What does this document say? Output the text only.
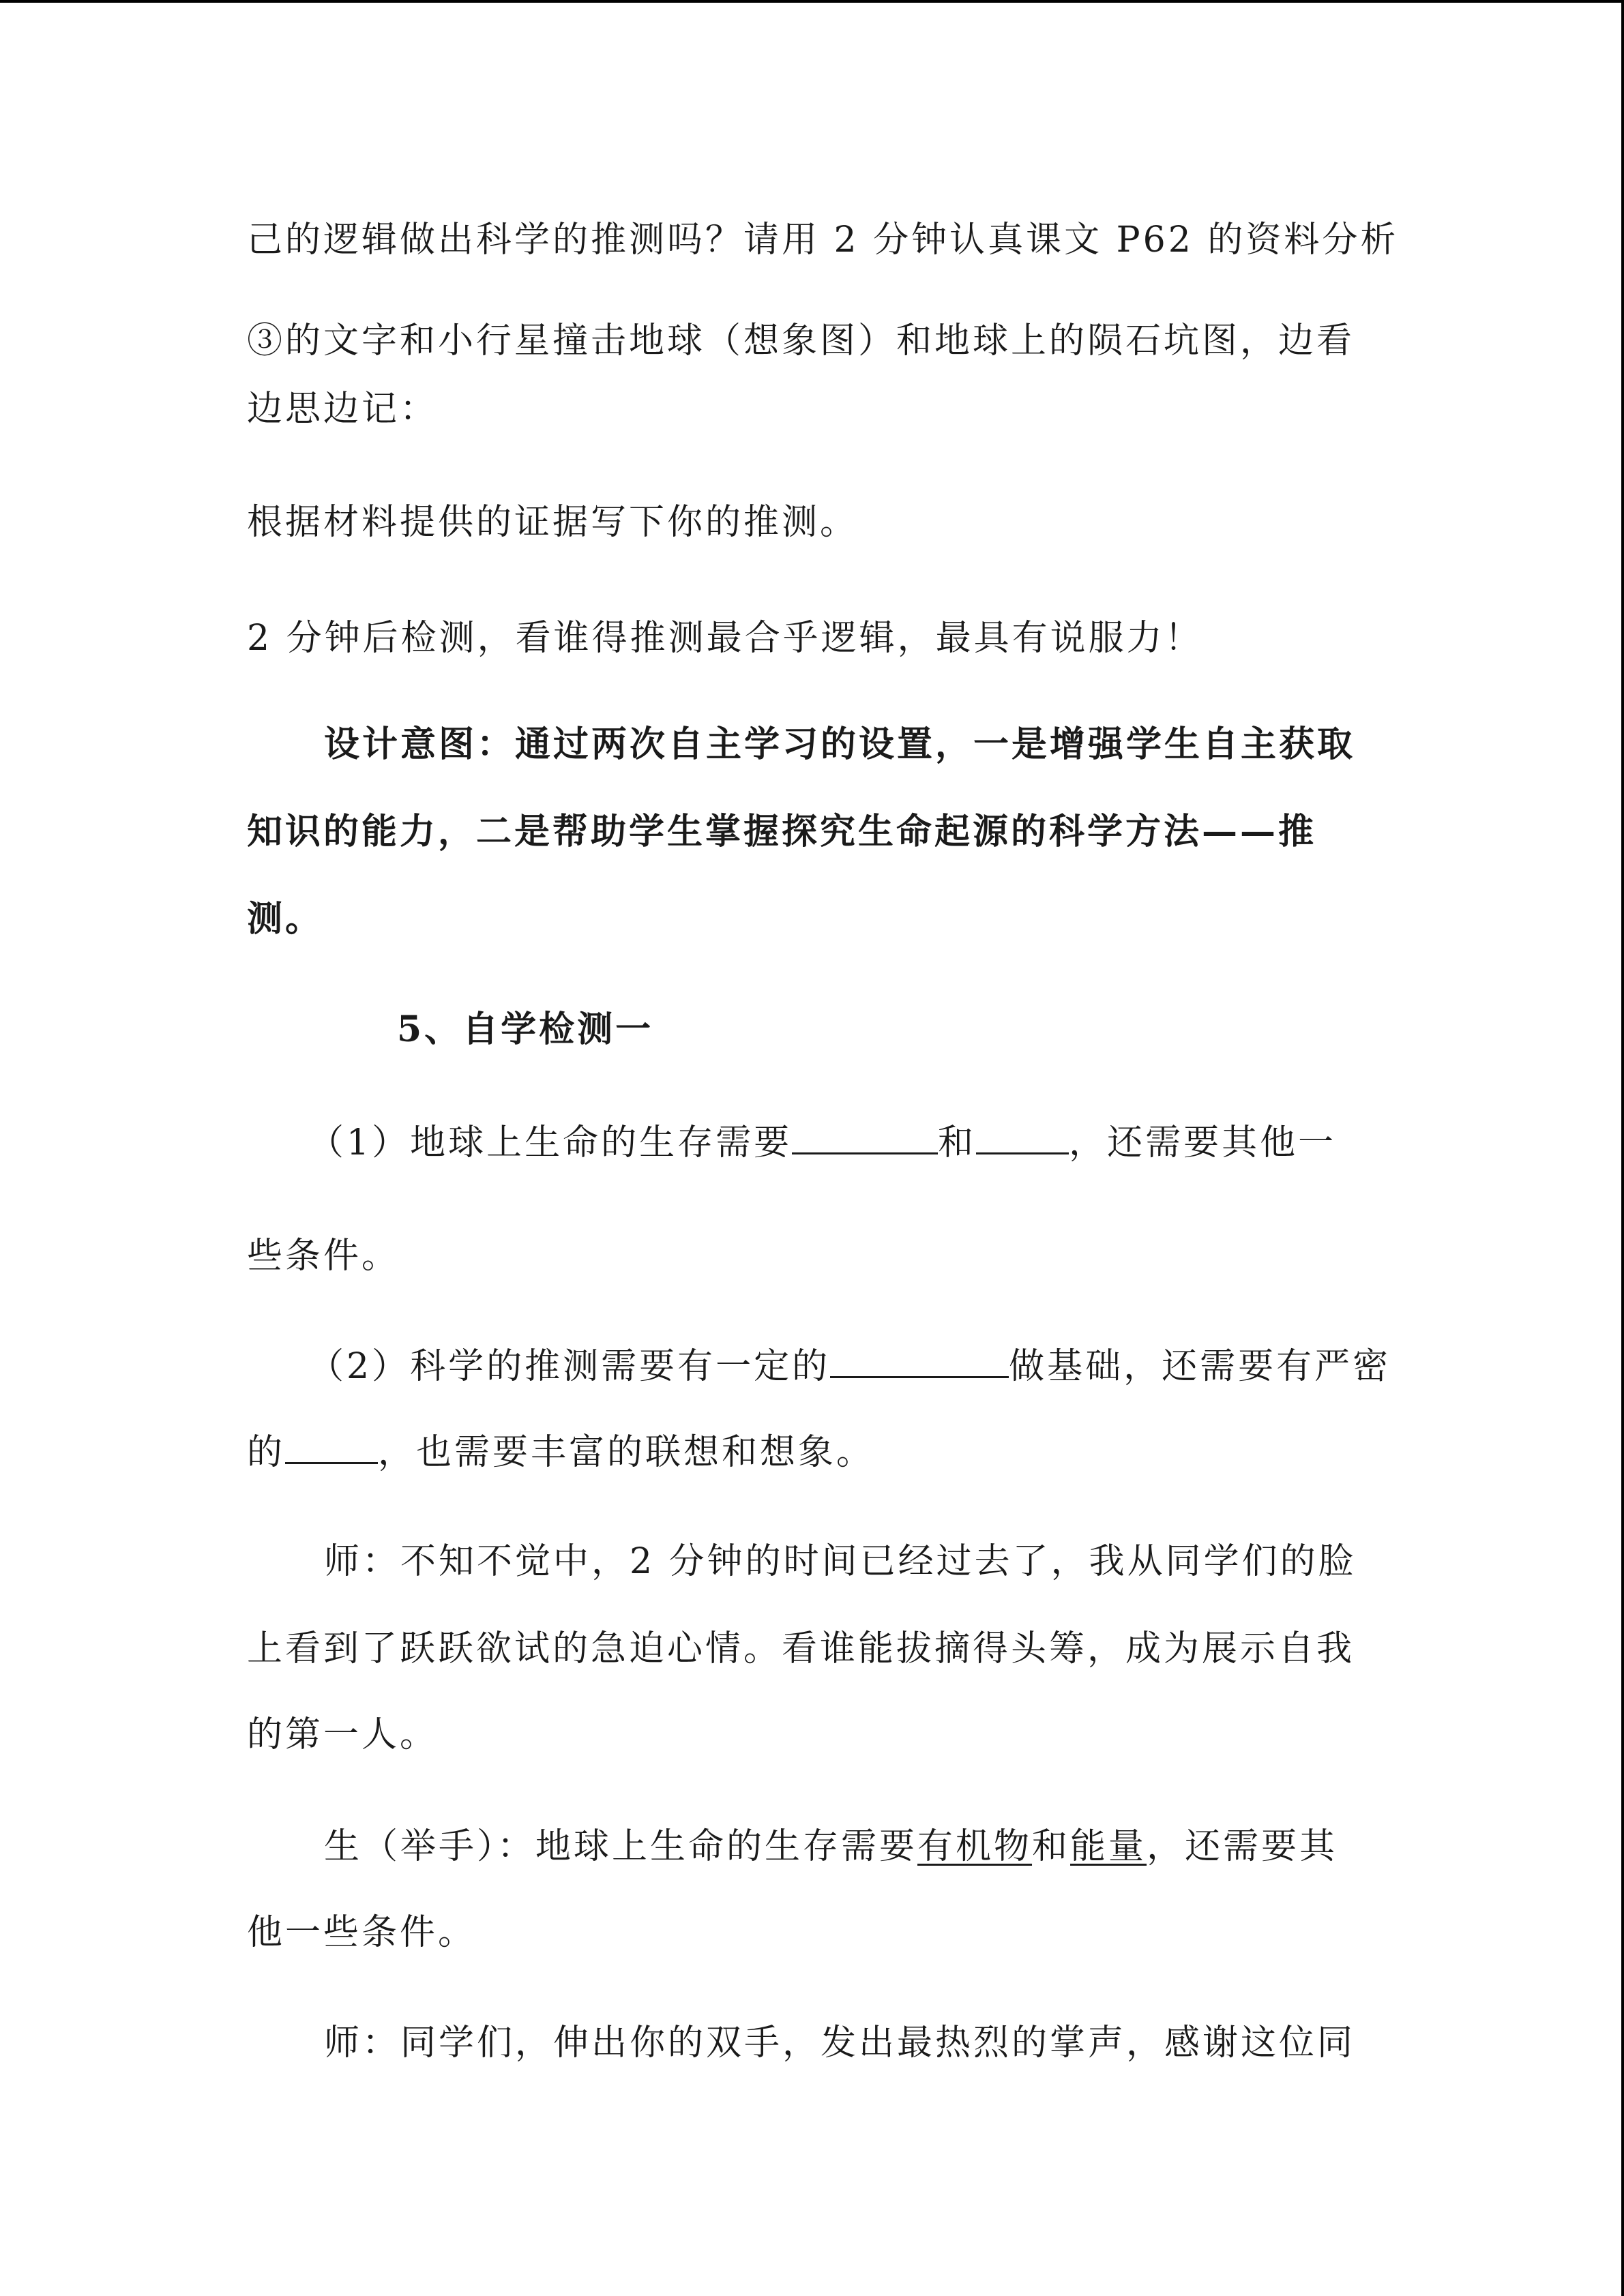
己的逻辑做出科学的推测吗？请用 2 分钟认真课文 P62 的资料分析
③的文字和小行星撞击地球（想象图）和地球上的陨石坑图，边看
边思边记：
根据材料提供的证据写下你的推测。
2 分钟后检测，看谁得推测最合乎逻辑，最具有说服力！
设计意图：通过两次自主学习的设置，一是增强学生自主获取
知识的能力，二是帮助学生掌握探究生命起源的科学方法——推
测。
5、自学检测一
（1）地球上生命的生存需要	和	，还需要其他一
些条件。
（2）科学的推测需要有一定的	做基础，还需要有严密
的	，也需要丰富的联想和想象。
师：不知不觉中，2 分钟的时间已经过去了，我从同学们的脸
上看到了跃跃欲试的急迫心情。看谁能拔摘得头筹，成为展示自我
的第一人。
生（举手）：地球上生命的生存需要有机物和能量，还需要其
他一些条件。
师：同学们，伸出你的双手，发出最热烈的掌声，感谢这位同
